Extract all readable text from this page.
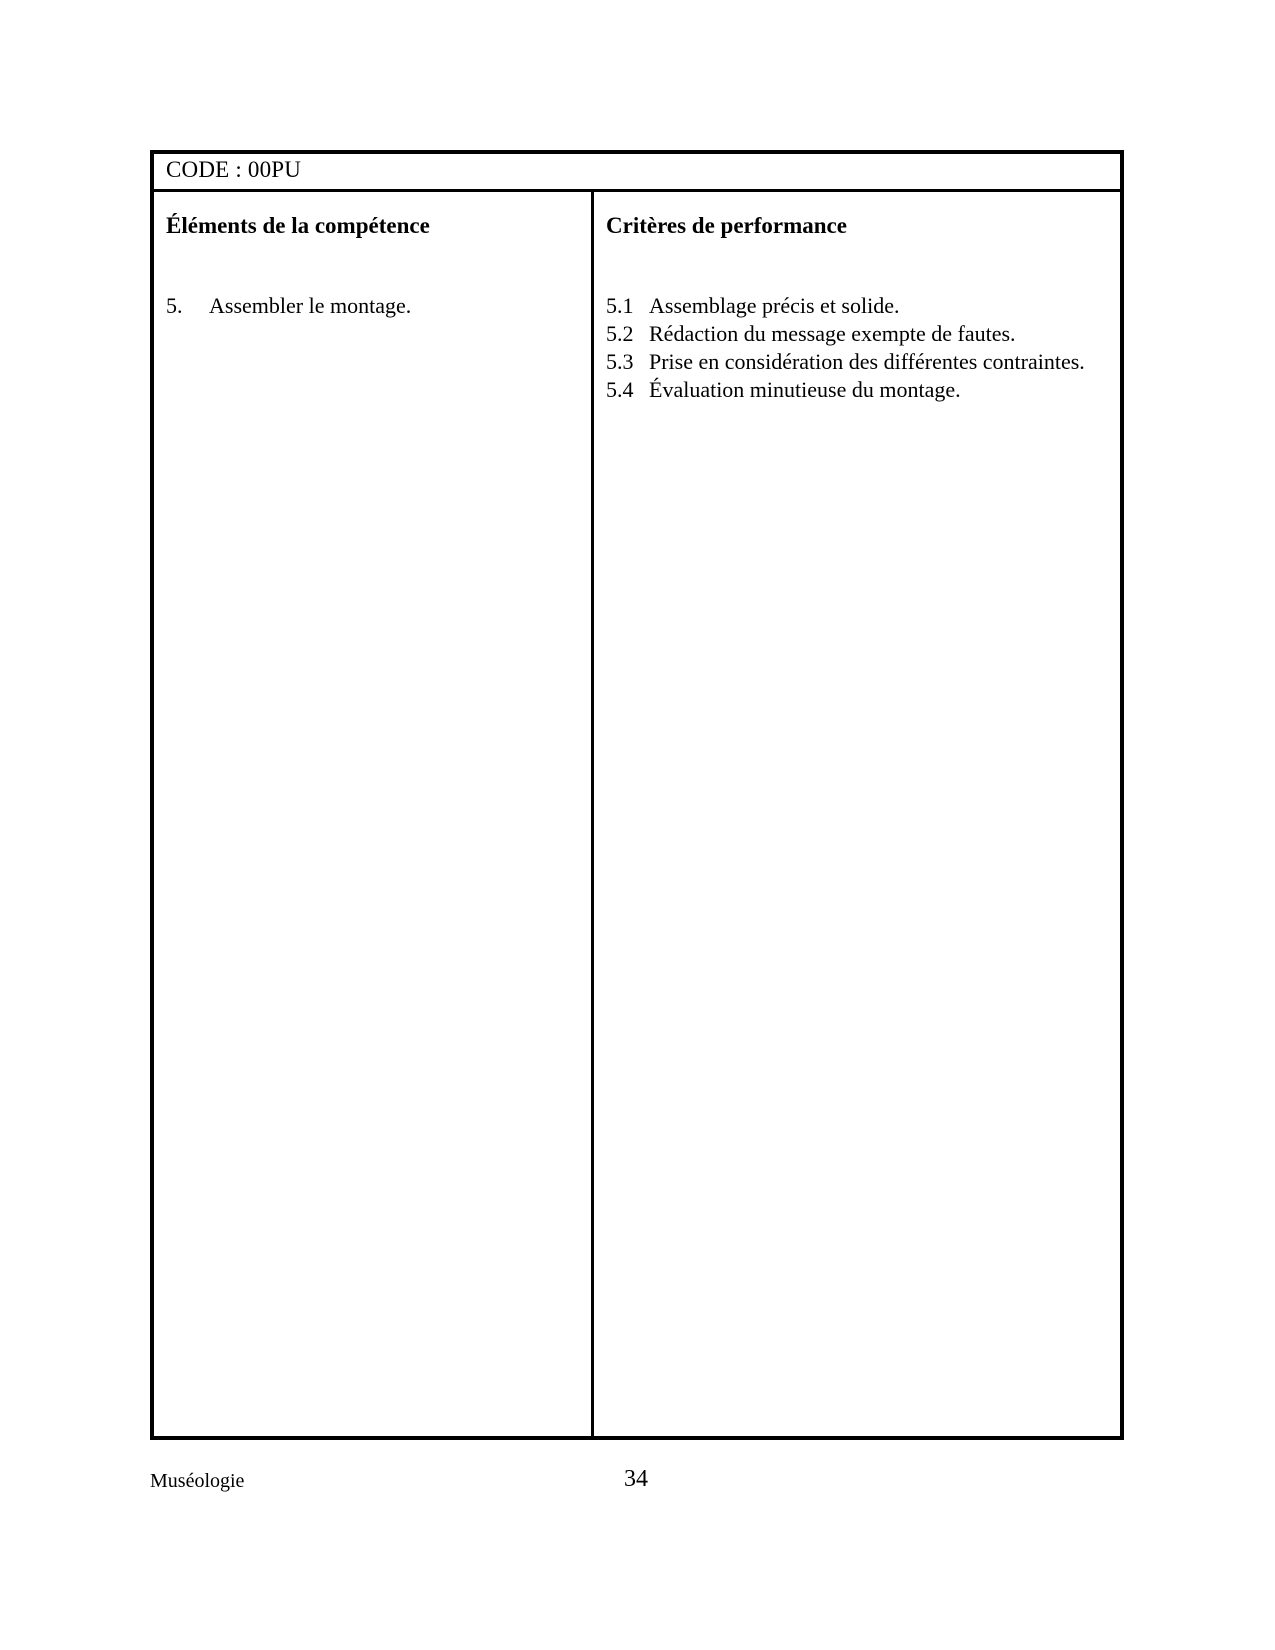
CODE : 00PU
Éléments de la compétence
5.	Assembler le montage.
Critères de performance
5.1 Assemblage précis et solide.
5.2 Rédaction du message exempte de fautes.
5.3 Prise en considération des différentes contraintes.
5.4 Évaluation minutieuse du montage.
Muséologie	34
